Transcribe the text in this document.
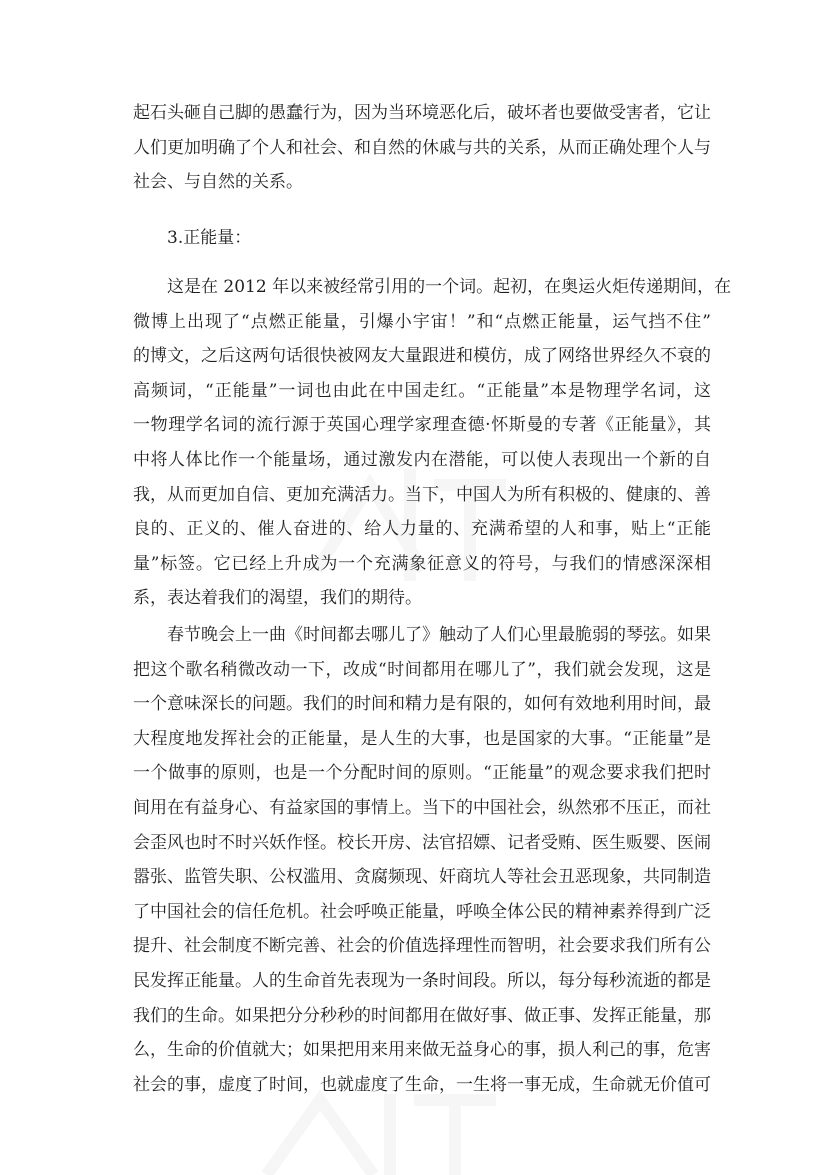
起石头砸自己脚的愚蠢行为，因为当环境恶化后，破坏者也要做受害者，它让
人们更加明确了个人和社会、和自然的休戚与共的关系，从而正确处理个人与
社会、与自然的关系。

3.正能量：

这是在 2012 年以来被经常引用的一个词。起初，在奥运火炬传递期间，在
微博上出现了“点燃正能量，引爆小宇宙！”和“点燃正能量，运气挡不住”
的博文，之后这两句话很快被网友大量跟进和模仿，成了网络世界经久不衰的
高频词，“正能量”一词也由此在中国走红。“正能量”本是物理学名词，这
一物理学名词的流行源于英国心理学家理查德·怀斯曼的专著《正能量》，其
中将人体比作一个能量场，通过激发内在潜能，可以使人表现出一个新的自
我，从而更加自信、更加充满活力。当下，中国人为所有积极的、健康的、善
良的、正义的、催人奋进的、给人力量的、充满希望的人和事，贴上“正能
量”标签。它已经上升成为一个充满象征意义的符号，与我们的情感深深相
系，表达着我们的渴望，我们的期待。

春节晚会上一曲《时间都去哪儿了》触动了人们心里最脆弱的琴弦。如果
把这个歌名稍微改动一下，改成“时间都用在哪儿了”，我们就会发现，这是
一个意味深长的问题。我们的时间和精力是有限的，如何有效地利用时间，最
大程度地发挥社会的正能量，是人生的大事，也是国家的大事。“正能量”是
一个做事的原则，也是一个分配时间的原则。“正能量”的观念要求我们把时
间用在有益身心、有益家国的事情上。当下的中国社会，纵然邪不压正，而社
会歪风也时不时兴妖作怪。校长开房、法官招嫖、记者受贿、医生贩婴、医闹
嚣张、监管失职、公权滥用、贪腐频现、奸商坑人等社会丑恶现象，共同制造
了中国社会的信任危机。社会呼唤正能量，呼唤全体公民的精神素养得到广泛
提升、社会制度不断完善、社会的价值选择理性而智明，社会要求我们所有公
民发挥正能量。人的生命首先表现为一条时间段。所以，每分每秒流逝的都是
我们的生命。如果把分分秒秒的时间都用在做好事、做正事、发挥正能量，那
么，生命的价值就大；如果把用来用来做无益身心的事，损人利己的事，危害
社会的事，虚度了时间，也就虚度了生命，一生将一事无成，生命就无价值可
